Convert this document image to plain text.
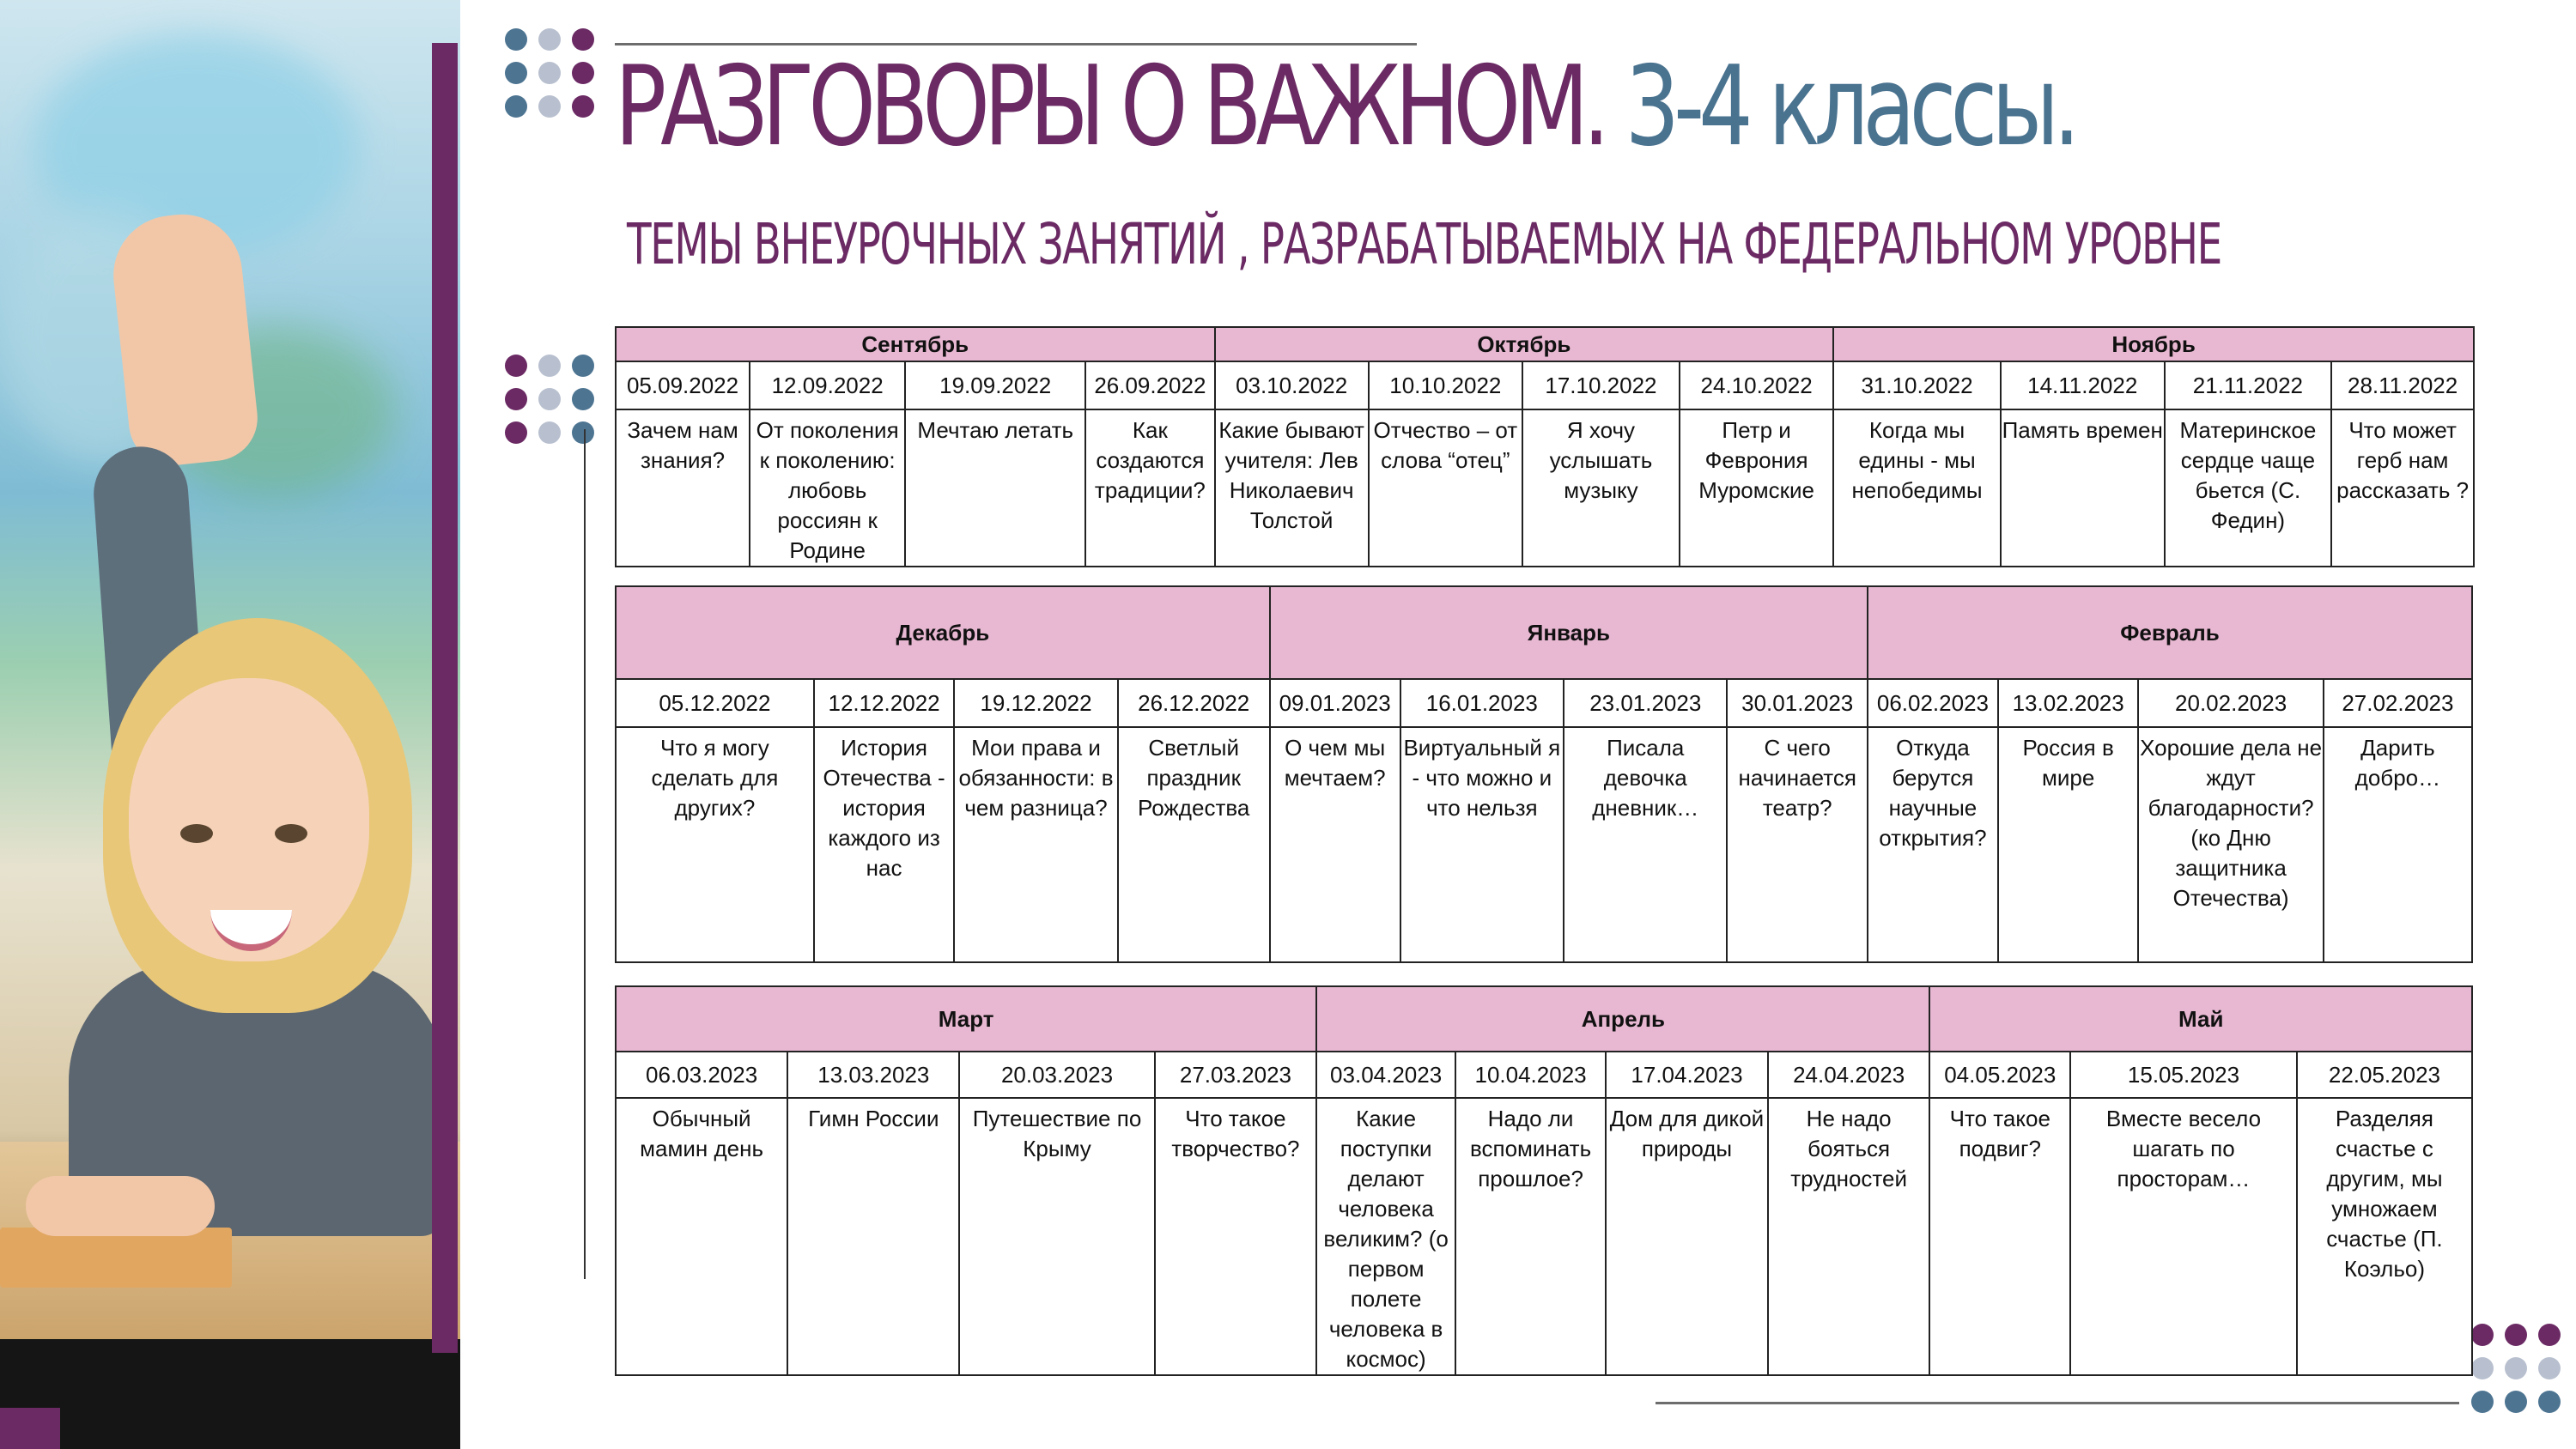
РАЗГОВОРЫ О ВАЖНОМ. 3-4 классы.
ТЕМЫ ВНЕУРОЧНЫХ ЗАНЯТИЙ , РАЗРАБАТЫВАЕМЫХ НА ФЕДЕРАЛЬНОМ УРОВНЕ
Сентябрь				Октябрь				Ноябрь			
05.09.2022	12.09.2022	19.09.2022	26.09.2022	03.10.2022	10.10.2022	17.10.2022	24.10.2022	31.10.2022	14.11.2022	21.11.2022	28.11.2022
Зачем нам знания?	От поколения к поколению: любовь россиян к Родине	Мечтаю летать	Как создаются традиции?	Какие бывают учителя: Лев Николаевич Толстой	Отчество – от слова “отец”	Я хочу услышать музыку	Петр и Феврония Муромские	Когда мы едины - мы непобедимы	Память времен	Материнское сердце чаще бьется (С. Федин)	Что может герб нам рассказать ?
Декабрь				Январь				Февраль			
05.12.2022	12.12.2022	19.12.2022	26.12.2022	09.01.2023	16.01.2023	23.01.2023	30.01.2023	06.02.2023	13.02.2023	20.02.2023	27.02.2023
Что я могу сделать для других?	История Отечества - история каждого из нас	Мои права и обязанности: в чем разница?	Светлый праздник Рождества	О чем мы мечтаем?	Виртуальный я - что можно и что нельзя	Писала девочка дневник…	С чего начинается театр?	Откуда берутся научные открытия?	Россия в мире	Хорошие дела не ждут благодарности? (ко Дню защитника Отечества)	Дарить добро…
Март				Апрель				Май		
06.03.2023	13.03.2023	20.03.2023	27.03.2023	03.04.2023	10.04.2023	17.04.2023	24.04.2023	04.05.2023	15.05.2023	22.05.2023
Обычный мамин день	Гимн России	Путешествие по Крыму	Что такое творчество?	Какие поступки делают человека великим? (о первом полете человека в космос)	Надо ли вспоминать прошлое?	Дом для дикой природы	Не надо бояться трудностей	Что такое подвиг?	Вместе весело шагать по просторам…	Разделяя счастье с другим, мы умножаем счастье (П. Коэльо)
